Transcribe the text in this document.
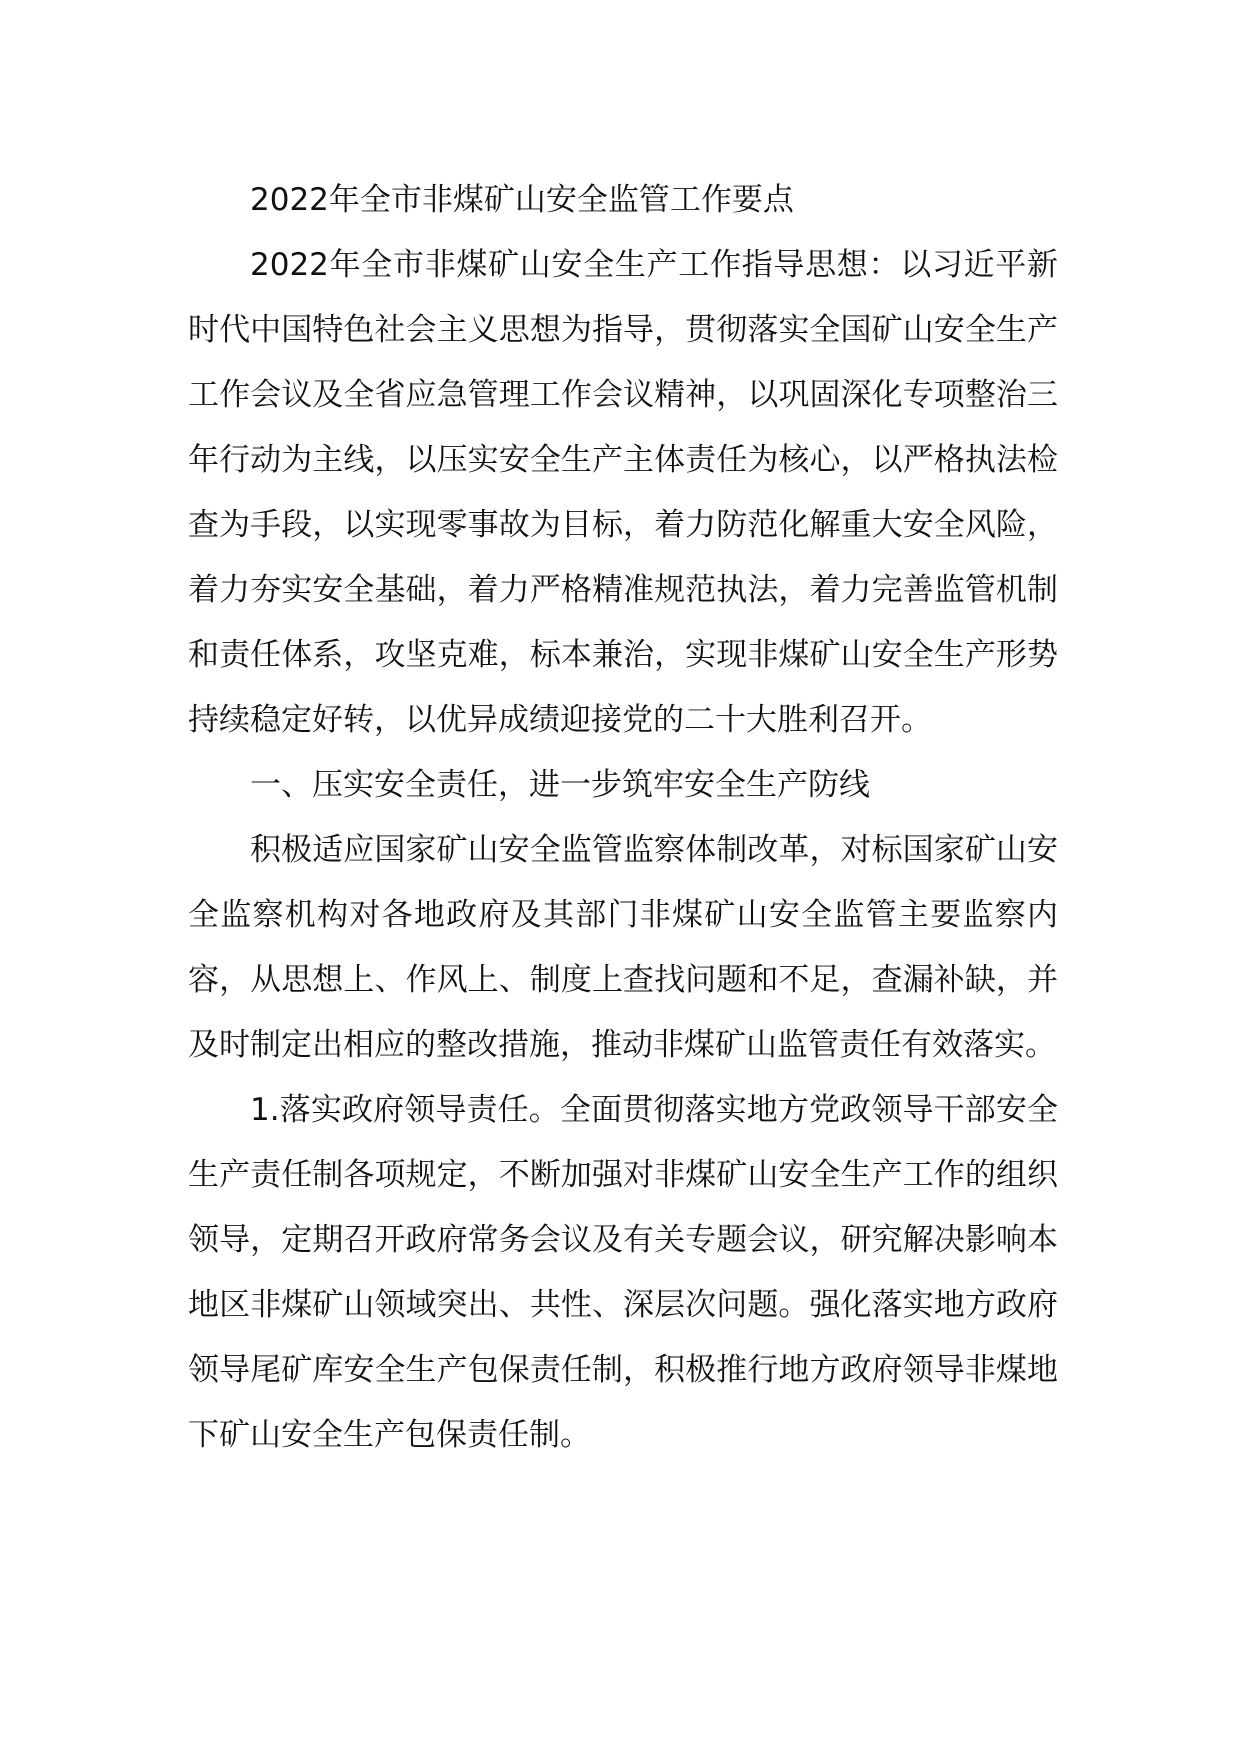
2022年全市非煤矿山安全监管工作要点

2022年全市非煤矿山安全生产工作指导思想：以习近平新时代中国特色社会主义思想为指导，贯彻落实全国矿山安全生产工作会议及全省应急管理工作会议精神，以巩固深化专项整治三年行动为主线，以压实安全生产主体责任为核心，以严格执法检查为手段，以实现零事故为目标，着力防范化解重大安全风险，着力夯实安全基础，着力严格精准规范执法，着力完善监管机制和责任体系，攻坚克难，标本兼治，实现非煤矿山安全生产形势持续稳定好转，以优异成绩迎接党的二十大胜利召开。

一、压实安全责任，进一步筑牢安全生产防线

积极适应国家矿山安全监管监察体制改革，对标国家矿山安全监察机构对各地政府及其部门非煤矿山安全监管主要监察内容，从思想上、作风上、制度上查找问题和不足，查漏补缺，并及时制定出相应的整改措施，推动非煤矿山监管责任有效落实。

1.落实政府领导责任。全面贯彻落实地方党政领导干部安全生产责任制各项规定，不断加强对非煤矿山安全生产工作的组织领导，定期召开政府常务会议及有关专题会议，研究解决影响本地区非煤矿山领域突出、共性、深层次问题。强化落实地方政府领导尾矿库安全生产包保责任制，积极推行地方政府领导非煤地下矿山安全生产包保责任制。
